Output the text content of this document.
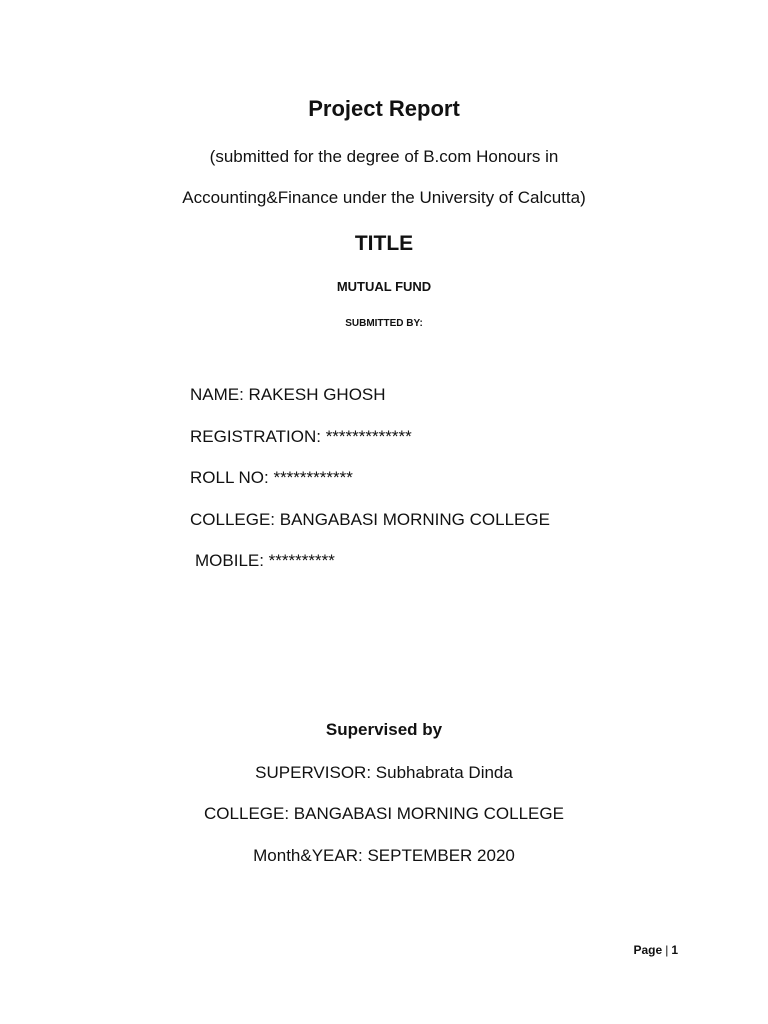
Project Report
(submitted for the degree of B.com Honours in
Accounting&Finance under the University of Calcutta)
TITLE
MUTUAL FUND
SUBMITTED BY:
NAME: RAKESH GHOSH
REGISTRATION: *************
ROLL NO: ************
COLLEGE: BANGABASI MORNING COLLEGE
MOBILE: **********
Supervised by
SUPERVISOR: Subhabrata Dinda
COLLEGE: BANGABASI MORNING COLLEGE
Month&YEAR: SEPTEMBER 2020
Page | 1
